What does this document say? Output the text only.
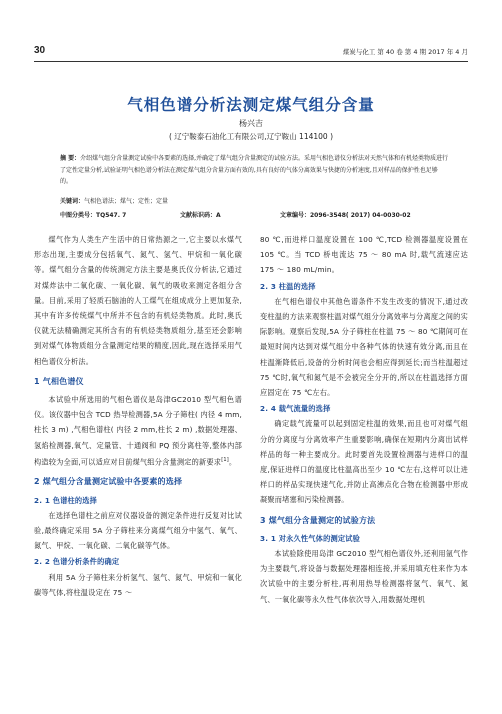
30	煤炭与化工 第 40 卷 第 4 期 2017 年 4 月
气相色谱分析法测定煤气组分含量
杨兴吉
( 辽宁鞍泰石油化工有限公司,辽宁鞍山 114100 )
摘 要：介绍煤气组分含量测定试验中各要素的选择,并确定了煤气组分含量测定的试验方法。采用气相色谱仪分析法对天然气体和有机烃类物质进行了定性定量分析,试验证明气相色谱分析法在测定煤气组分含量方面有效的,具有良好的气体分离效果与快捷的分析速度,且对样品的保护性也足够的。
关键词：气相色谱法；煤气；定性；定量
中图分类号：TQ547. 7	文献标识码：A	文章编号：2096-3548( 2017) 04-0030-02

煤气作为人类生产生活中的日常热源之一,它主要以水煤气形态出现,主要成分包括氧气、氮气、氢气、甲烷和一氧化碳等。煤气组分含量的传统测定方法主要是奥氏仪分析法,它通过对煤炸法中二氧化碳、一氧化碳、氧气的吸收来测定各组分含量。目前,采用了轻质石脑油的人工煤气在组成成分上更加复杂,其中有许多传统煤气中所并不包含的有机烃类物质。此时,奥氏仪就无法精确测定其所含有的有机烃类物质组分,基至还会影响到对煤气体物质组分含量测定结果的精度,因此,现在选择采用气相色谱仪分析法。

1 气相色谱仪

本试验中所选用的气相色谱仪是岛津GC2010 型气相色谱仪。该仪器中包含 TCD 热导检测器,5A 分子筛柱( 内径 4 mm,柱长 3 m) ,气相色谱柱( 内径 2 mm,柱长 2 m) ,数据处理器、氢焰检测器,氧气、定量管、十通阀和 PQ 预分离柱等,整体内部构造较为全面,可以适应对目前煤气组分含量测定的新要求[1]。

2 煤气组分含量测定试验中各要素的选择
2. 1 色谱柱的选择

在选择色谱柱之前应对仪器设备的测定条件进行反复对比试验,最终确定采用 5A 分子筛柱来分离煤气组分中氢气、氧气、氮气、甲烷、一氧化碳、二氧化碳等气体。

2. 2 色谱分析条件的确定

利用 5A 分子筛柱来分析氢气、氢气、氮气、甲烷和一氧化碳等气体,将柱温设定在 75 ～

80 ℃,而进样口温度设置在 100 ℃,TCD 检测器温度设置在 105 ℃。当 TCD 桥电流达 75 ～ 80 mA 时,载气流速应达 175 ～ 180 mL/min。

2. 3 柱温的选择

在气相色谱仪中其他色谱条件不发生改变的情况下,通过改变柱温的方法来观察柱温对煤气组分分离效率与分离度之间的实际影响。观察后发现,5A 分子筛柱在柱温 75 ～ 80 ℃期间可在最短时间内达到对煤气组分中各种气体的快速有效分离,而且在柱温渐降低后,设备的分析时间也会相应得到延长;而当柱温超过 75 ℃时,氧气和氮气是不会被完全分开的,所以在柱温选择方面应固定在 75 ℃左右。

2. 4 载气流量的选择

确定载气流量可以起到固定柱温的效果,而且也可对煤气组分的分离度与分离效率产生重要影响,确保在短期内分离出试样样品的每一种主要成分。此时要首先设置检测器与进样口的温度,保证进样口的温度比柱温高出至少 10 ℃左右,这样可以让进样口的样品实现快速气化,并防止高沸点化合物在检测器中形成凝聚而堵塞和污染检测器。

3 煤气组分含量测定的试验方法
3. 1 对永久性气体的测定试验

本试验除使用岛津 GC2010 型气相色谱仪外,还利用氩气作为主要载气,将设备与数据处理器相连接,并采用填充柱来作为本次试验中的主要分析柱,再利用热导检测器将氢气、氧气、氮气、一氧化碳等永久性气体依次导入,用数据处理机
